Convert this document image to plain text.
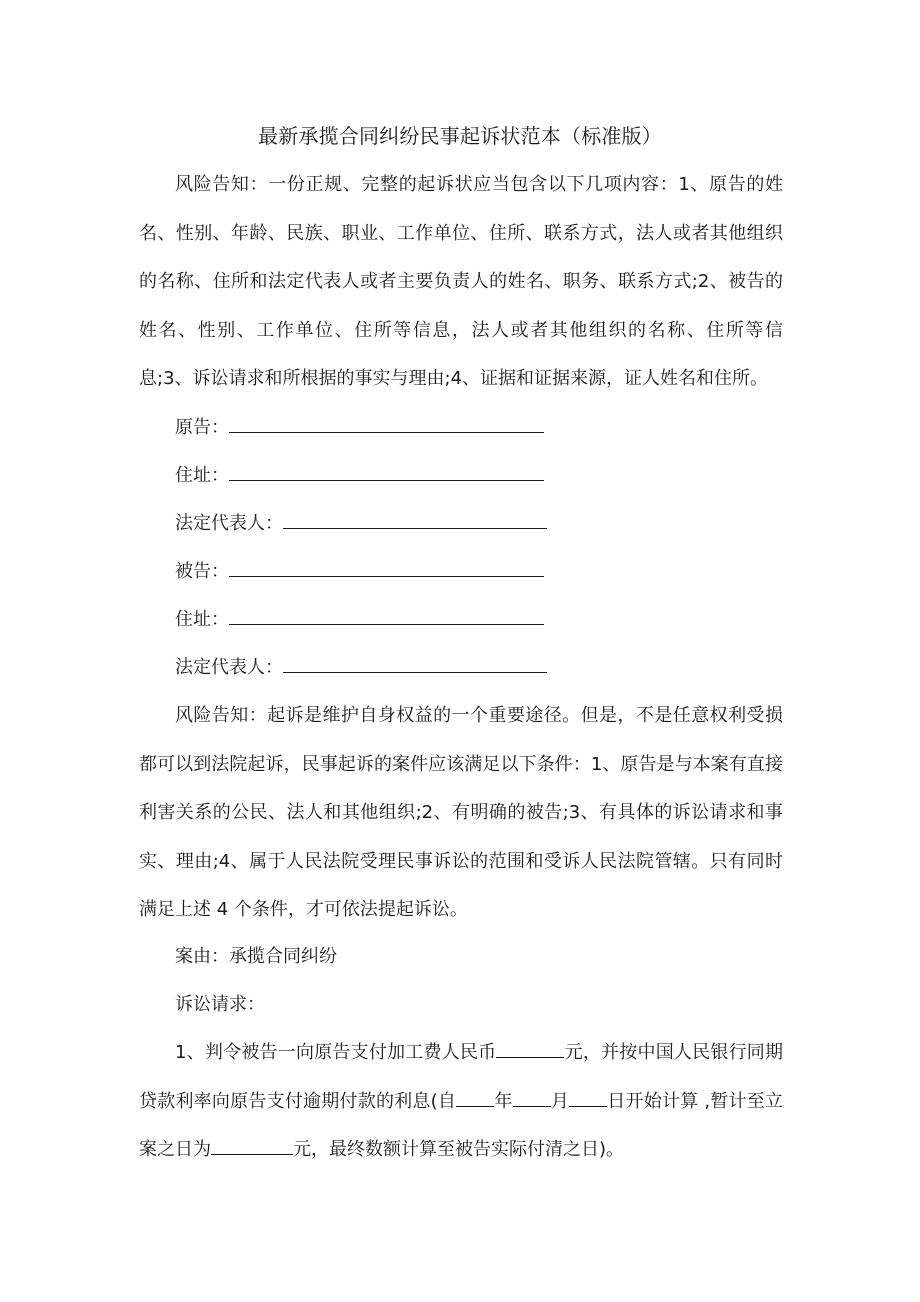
最新承揽合同纠纷民事起诉状范本（标准版）
风险告知：一份正规、完整的起诉状应当包含以下几项内容：1、原告的姓名、性别、年龄、民族、职业、工作单位、住所、联系方式，法人或者其他组织的名称、住所和法定代表人或者主要负责人的姓名、职务、联系方式;2、被告的姓名、性别、工作单位、住所等信息，法人或者其他组织的名称、住所等信息;3、诉讼请求和所根据的事实与理由;4、证据和证据来源，证人姓名和住所。
原告：
住址：
法定代表人：
被告：
住址：
法定代表人：
风险告知：起诉是维护自身权益的一个重要途径。但是，不是任意权利受损都可以到法院起诉，民事起诉的案件应该满足以下条件：1、原告是与本案有直接利害关系的公民、法人和其他组织;2、有明确的被告;3、有具体的诉讼请求和事实、理由;4、属于人民法院受理民事诉讼的范围和受诉人民法院管辖。只有同时满足上述 4 个条件，才可依法提起诉讼。
案由：承揽合同纠纷
诉讼请求：
1、判令被告一向原告支付加工费人民币	元，并按中国人民银行同期贷款利率向原告支付逾期付款的利息(自 年 月 日开始计算 ,暂计至立案之日为	元，最终数额计算至被告实际付清之日)。
